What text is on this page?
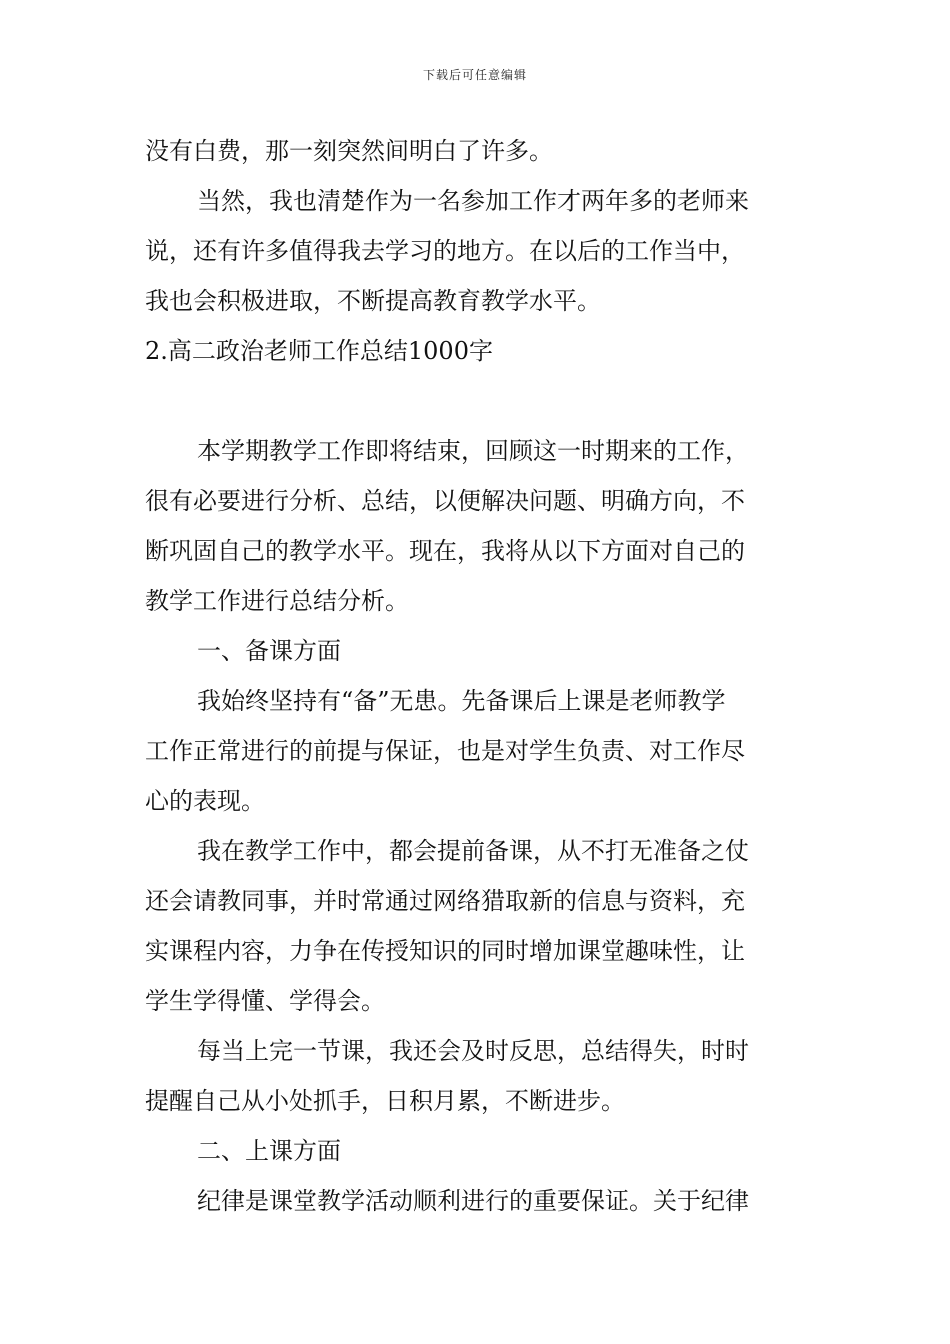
下载后可任意编辑
没有白费，那一刻突然间明白了许多。
当然，我也清楚作为一名参加工作才两年多的老师来
说，还有许多值得我去学习的地方。在以后的工作当中，
我也会积极进取，不断提高教育教学水平。
2.高二政治老师工作总结1000字
本学期教学工作即将结束，回顾这一时期来的工作，
很有必要进行分析、总结，以便解决问题、明确方向，不
断巩固自己的教学水平。现在，我将从以下方面对自己的
教学工作进行总结分析。
一、备课方面
我始终坚持有“备”无患。先备课后上课是老师教学
工作正常进行的前提与保证，也是对学生负责、对工作尽
心的表现。
我在教学工作中，都会提前备课，从不打无准备之仗
还会请教同事，并时常通过网络猎取新的信息与资料，充
实课程内容，力争在传授知识的同时增加课堂趣味性，让
学生学得懂、学得会。
每当上完一节课，我还会及时反思，总结得失，时时
提醒自己从小处抓手，日积月累，不断进步。
二、上课方面
纪律是课堂教学活动顺利进行的重要保证。关于纪律
